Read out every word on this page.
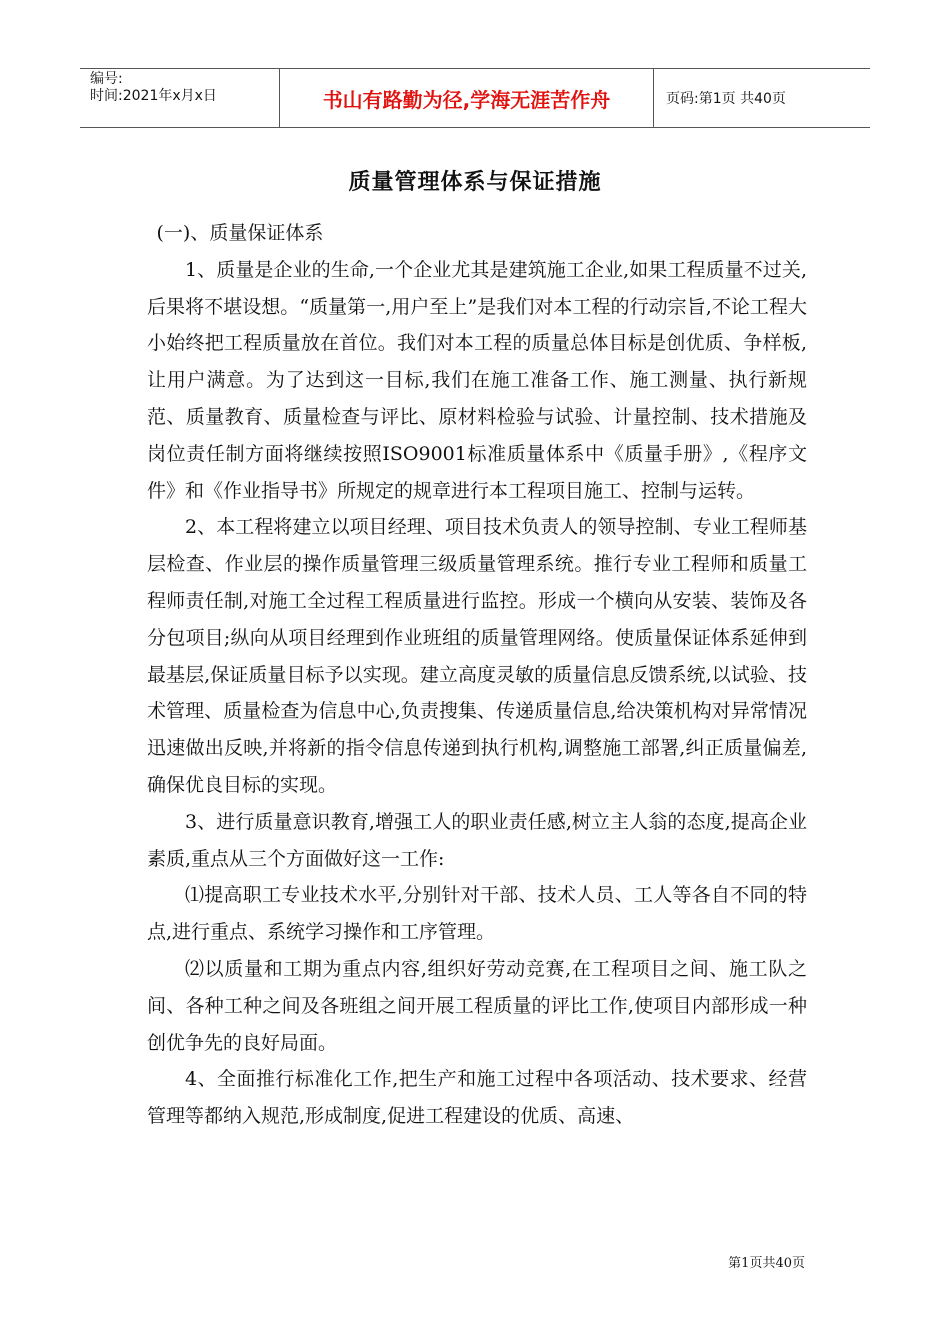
编号:
时间:2021年x月x日	书山有路勤为径,学海无涯苦作舟	页码:第1页 共40页
质量管理体系与保证措施

(一)、质量保证体系

1、质量是企业的生命,一个企业尤其是建筑施工企业,如果工程质量不过关,后果将不堪设想。“质量第一,用户至上”是我们对本工程的行动宗旨,不论工程大小始终把工程质量放在首位。我们对本工程的质量总体目标是创优质、争样板,让用户满意。为了达到这一目标,我们在施工准备工作、施工测量、执行新规范、质量教育、质量检查与评比、原材料检验与试验、计量控制、技术措施及岗位责任制方面将继续按照ISO9001标准质量体系中《质量手册》,《程序文件》和《作业指导书》所规定的规章进行本工程项目施工、控制与运转。

2、本工程将建立以项目经理、项目技术负责人的领导控制、专业工程师基层检查、作业层的操作质量管理三级质量管理系统。推行专业工程师和质量工程师责任制,对施工全过程工程质量进行监控。形成一个横向从安装、装饰及各分包项目;纵向从项目经理到作业班组的质量管理网络。使质量保证体系延伸到最基层,保证质量目标予以实现。建立高度灵敏的质量信息反馈系统,以试验、技术管理、质量检查为信息中心,负责搜集、传递质量信息,给决策机构对异常情况迅速做出反映,并将新的指令信息传递到执行机构,调整施工部署,纠正质量偏差,确保优良目标的实现。

3、进行质量意识教育,增强工人的职业责任感,树立主人翁的态度,提高企业素质,重点从三个方面做好这一工作:

⑴提高职工专业技术水平,分别针对干部、技术人员、工人等各自不同的特点,进行重点、系统学习操作和工序管理。

⑵以质量和工期为重点内容,组织好劳动竞赛,在工程项目之间、施工队之间、各种工种之间及各班组之间开展工程质量的评比工作,使项目内部形成一种创优争先的良好局面。

4、全面推行标准化工作,把生产和施工过程中各项活动、技术要求、经营管理等都纳入规范,形成制度,促进工程建设的优质、高速、

第1页共40页
